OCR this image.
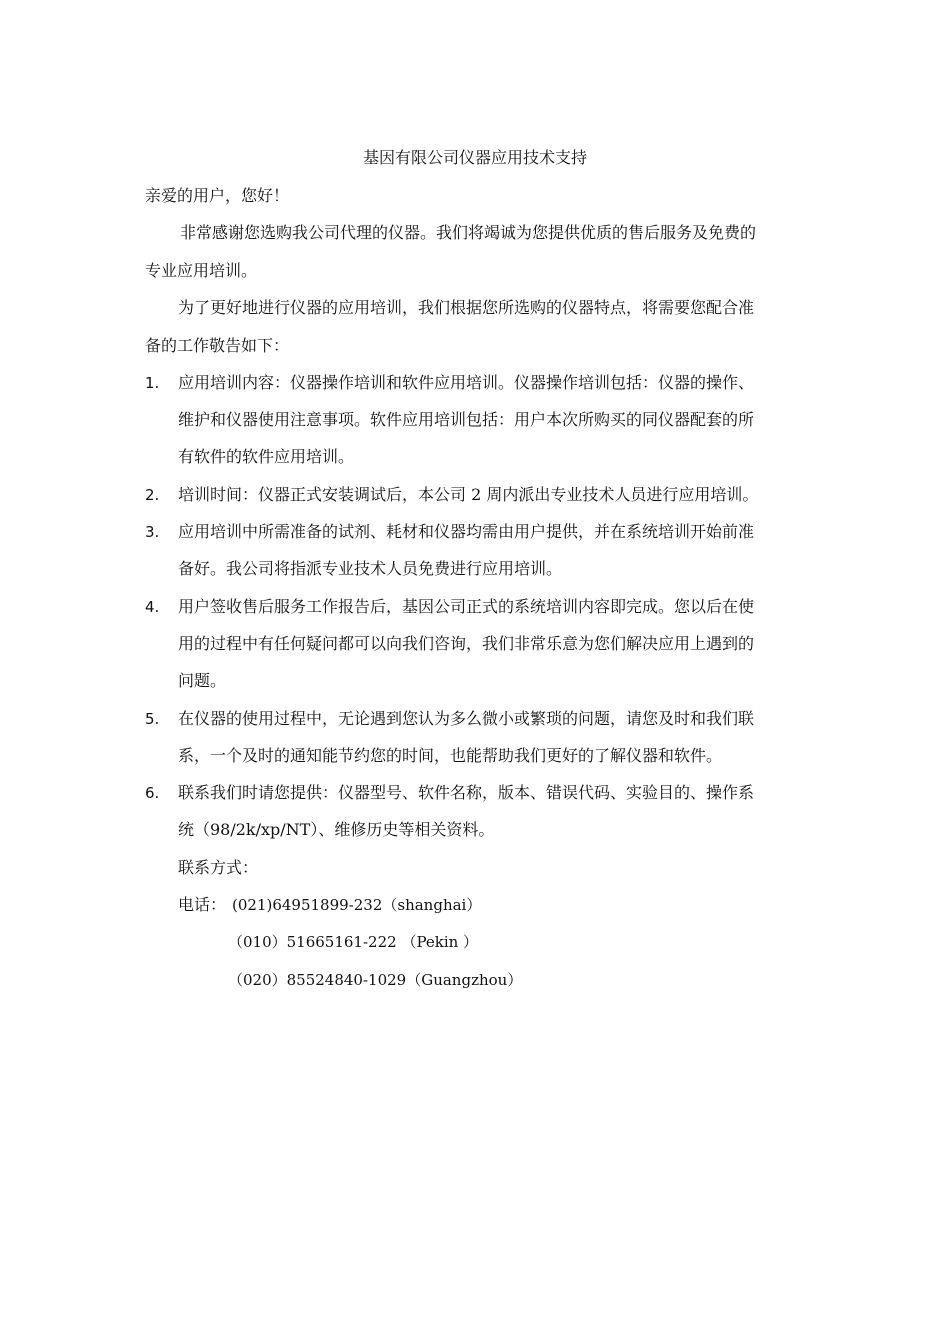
基因有限公司仪器应用技术支持
亲爱的用户，您好！
非常感谢您选购我公司代理的仪器。我们将竭诚为您提供优质的售后服务及免费的
专业应用培训。
为了更好地进行仪器的应用培训，我们根据您所选购的仪器特点，将需要您配合准
备的工作敬告如下：
1. 应用培训内容：仪器操作培训和软件应用培训。仪器操作培训包括：仪器的操作、
维护和仪器使用注意事项。软件应用培训包括：用户本次所购买的同仪器配套的所
有软件的软件应用培训。
2. 培训时间：仪器正式安装调试后，本公司 2 周内派出专业技术人员进行应用培训。
3. 应用培训中所需准备的试剂、耗材和仪器均需由用户提供，并在系统培训开始前准
备好。我公司将指派专业技术人员免费进行应用培训。
4. 用户签收售后服务工作报告后，基因公司正式的系统培训内容即完成。您以后在使
用的过程中有任何疑问都可以向我们咨询，我们非常乐意为您们解决应用上遇到的
问题。
5. 在仪器的使用过程中，无论遇到您认为多么微小或繁琐的问题，请您及时和我们联
系，一个及时的通知能节约您的时间，也能帮助我们更好的了解仪器和软件。
6. 联系我们时请您提供：仪器型号、软件名称，版本、错误代码、实验目的、操作系
统（98/2k/xp/NT）、维修历史等相关资料。
联系方式：
电话： (021)64951899-232（shanghai）
（010）51665161-222 （Pekin ）
（020）85524840-1029（Guangzhou）
